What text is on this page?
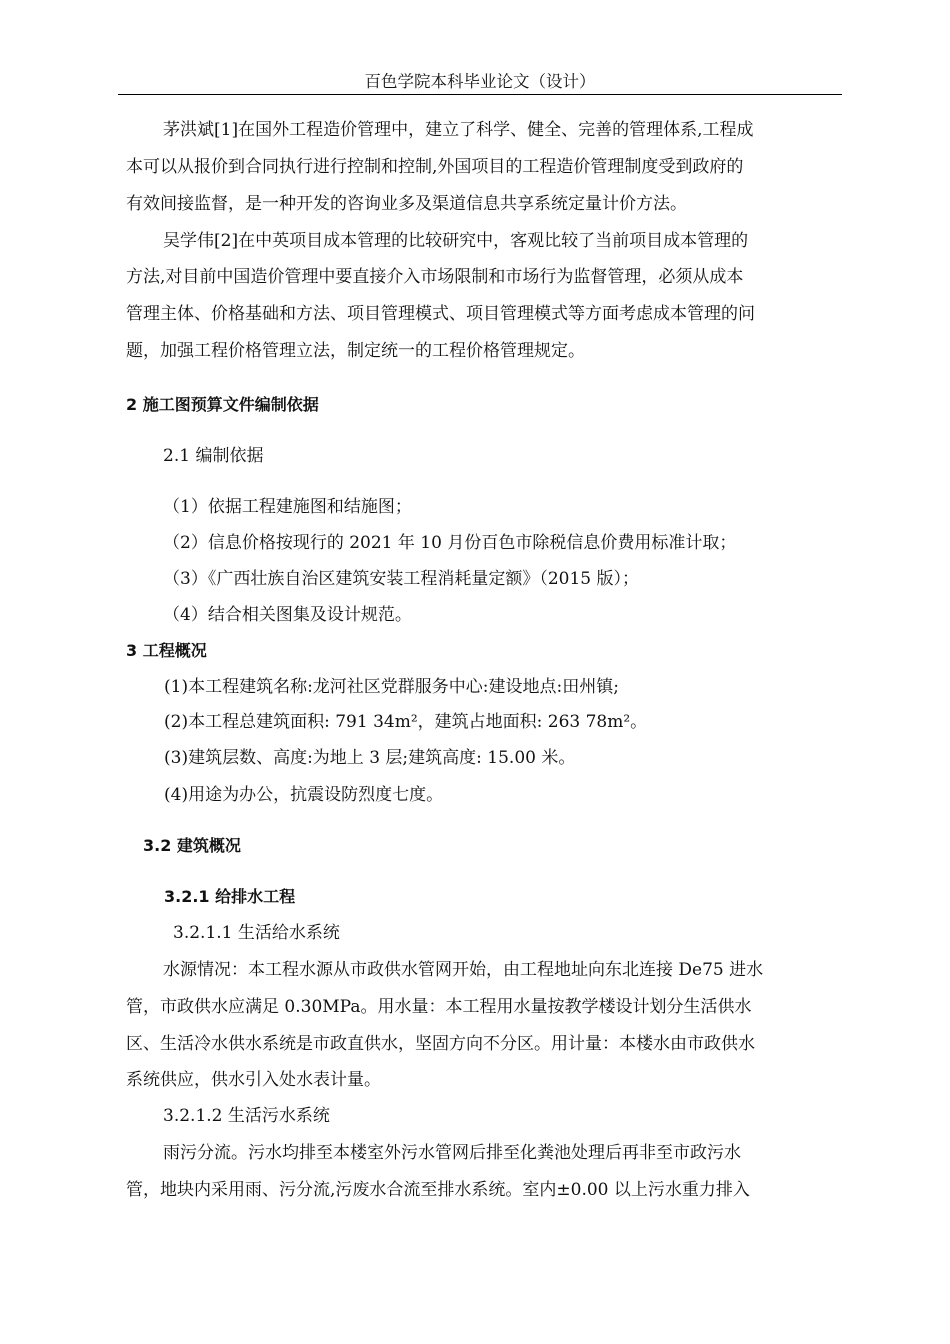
百色学院本科毕业论文（设计）
茅洪斌[1]在国外工程造价管理中，建立了科学、健全、完善的管理体系,工程成
本可以从报价到合同执行进行控制和控制,外国项目的工程造价管理制度受到政府的
有效间接监督，是一种开发的咨询业多及渠道信息共享系统定量计价方法。
吴学伟[2]在中英项目成本管理的比较研究中，客观比较了当前项目成本管理的
方法,对目前中国造价管理中要直接介入市场限制和市场行为监督管理，必须从成本
管理主体、价格基础和方法、项目管理模式、项目管理模式等方面考虑成本管理的问
题，加强工程价格管理立法，制定统一的工程价格管理规定。
2 施工图预算文件编制依据
2.1 编制依据
（1）依据工程建施图和结施图；
（2）信息价格按现行的 2021 年 10 月份百色市除税信息价费用标准计取；
（3）《广西壮族自治区建筑安装工程消耗量定额》（2015 版）；
（4）结合相关图集及设计规范。
3 工程概况
(1)本工程建筑名称:龙河社区党群服务中心:建设地点:田州镇;
(2)本工程总建筑面积: 791 34m²，建筑占地面积: 263 78m²。
(3)建筑层数、高度:为地上 3 层;建筑高度: 15.00 米。
(4)用途为办公，抗震设防烈度七度。
3.2 建筑概况
3.2.1 给排水工程
3.2.1.1 生活给水系统
水源情况：本工程水源从市政供水管网开始，由工程地址向东北连接 De75 进水
管，市政供水应满足 0.30MPa。用水量：本工程用水量按教学楼设计划分生活供水
区、生活冷水供水系统是市政直供水，坚固方向不分区。用计量：本楼水由市政供水
系统供应，供水引入处水表计量。
3.2.1.2 生活污水系统
雨污分流。污水均排至本楼室外污水管网后排至化粪池处理后再非至市政污水
管，地块内采用雨、污分流,污废水合流至排水系统。室内±0.00 以上污水重力排入
